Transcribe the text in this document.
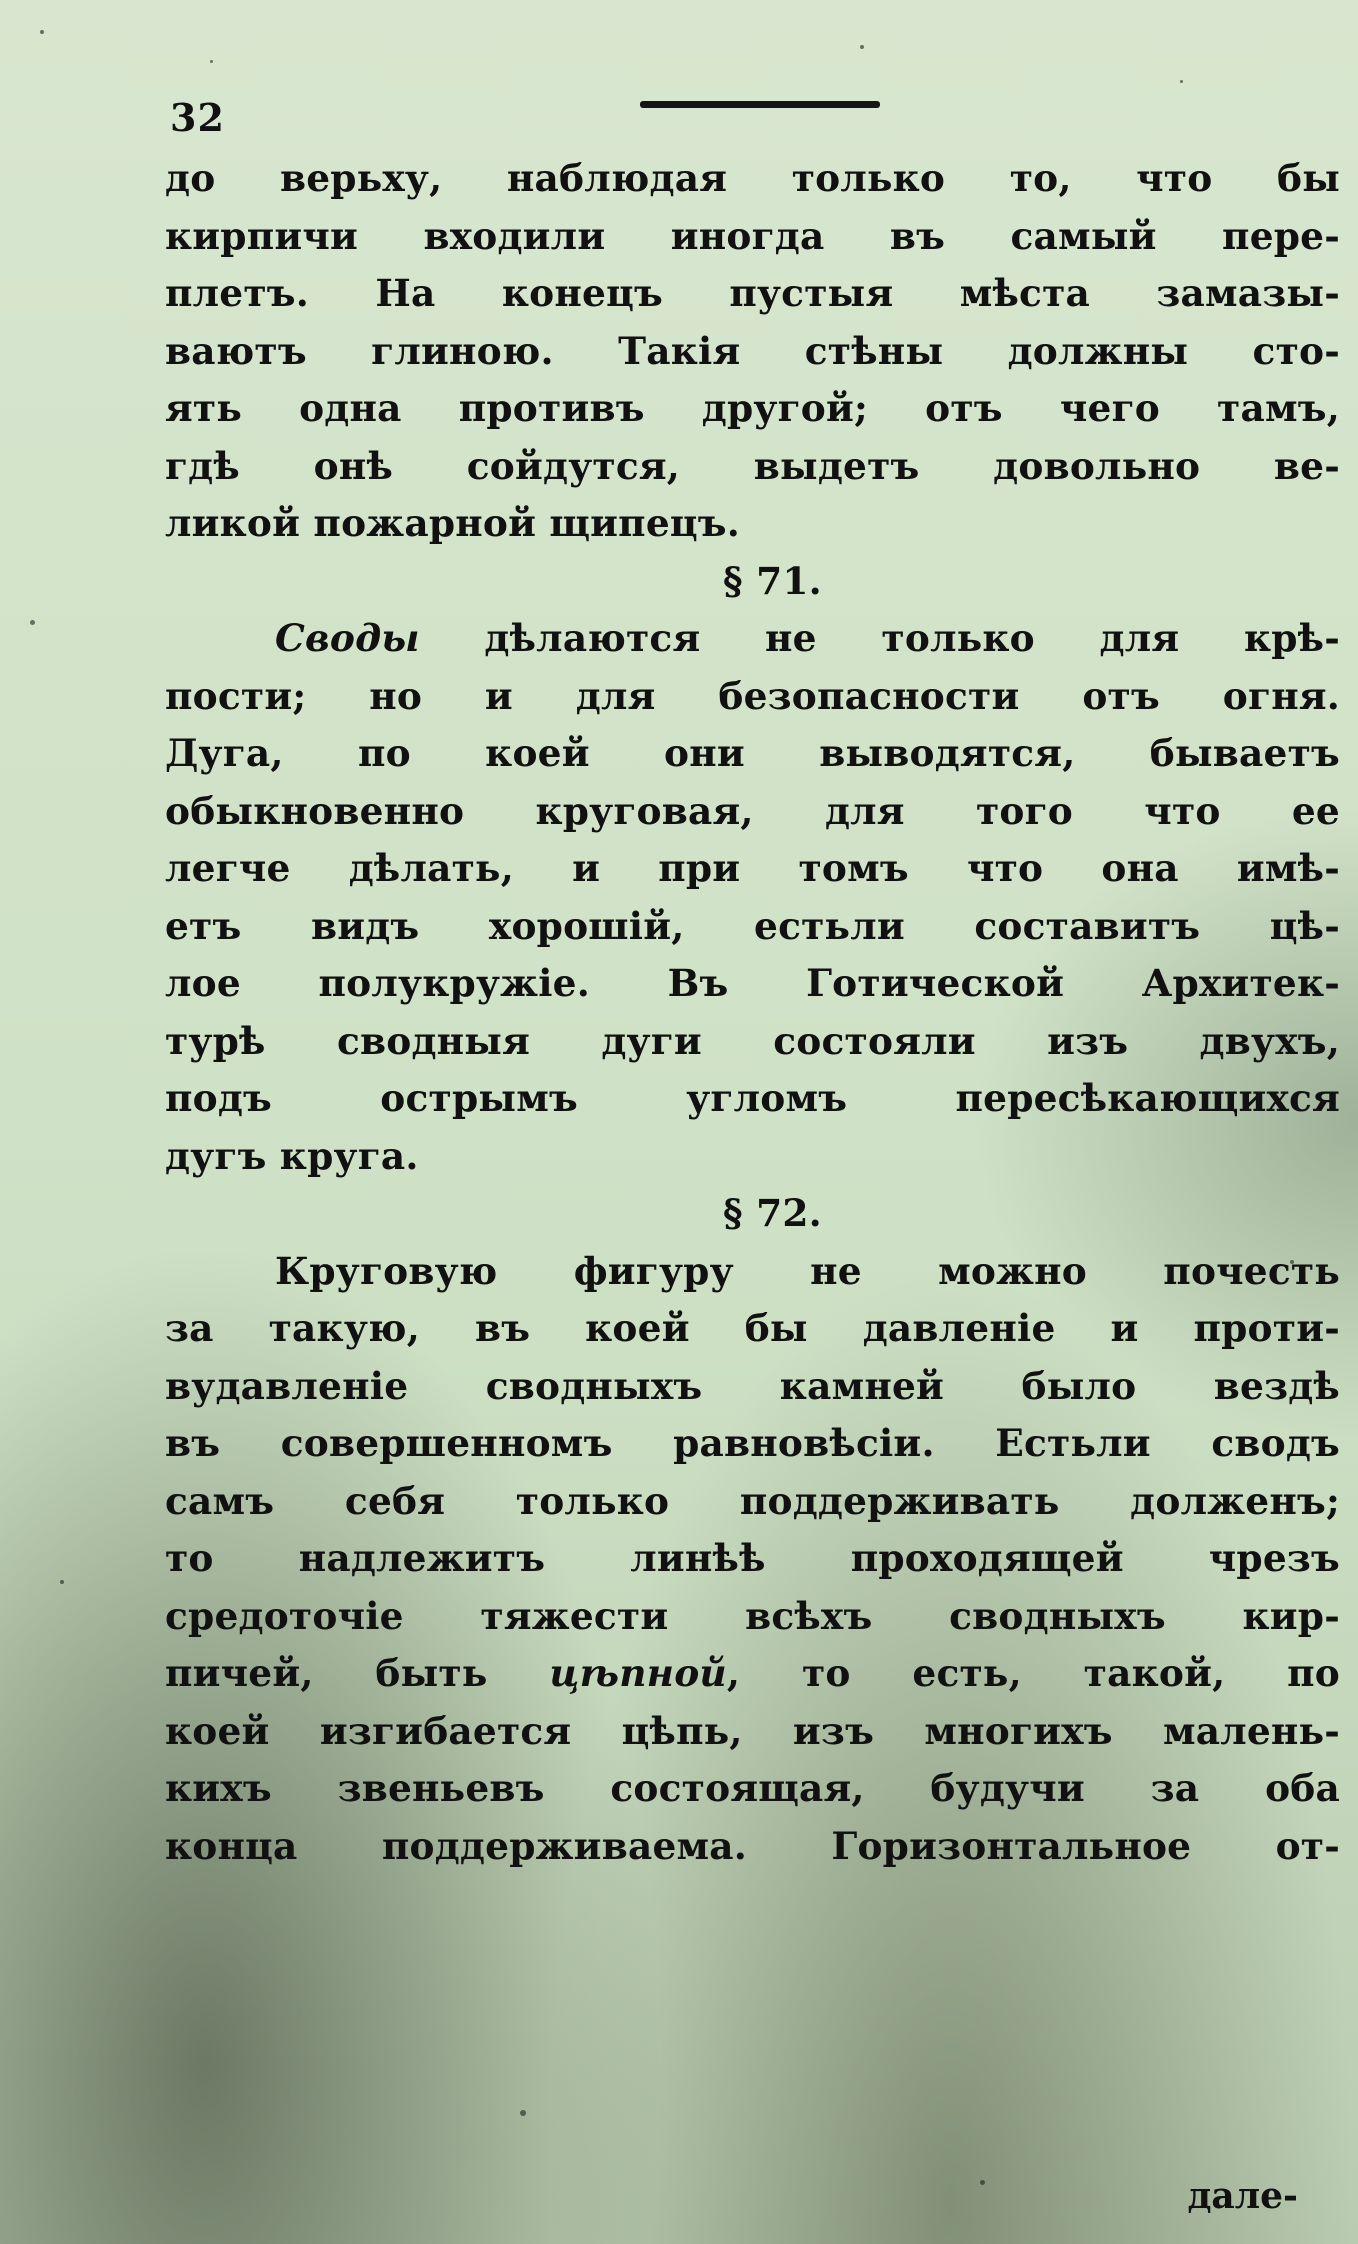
32
до верьху, наблюдая только то, что бы
кирпичи входили иногда въ самый пере-
плетъ. На конецъ пустыя мѣста замазы-
ваютъ глиною. Такія стѣны должны сто-
ять одна противъ другой; отъ чего тамъ,
гдѣ онѣ сойдутся, выдетъ довольно ве-
ликой пожарной щипецъ.
§ 71.
Своды дѣлаются не только для крѣ-
пости; но и для безопасности отъ огня.
Дуга, по коей они выводятся, бываетъ
обыкновенно круговая, для того что ее
легче дѣлать, и при томъ что она имѣ-
етъ видъ хорошій, естьли составитъ цѣ-
лое полукружіе. Въ Готической Архитек-
турѣ сводныя дуги состояли изъ двухъ,
подъ острымъ угломъ пересѣкающихся
дугъ круга.
§ 72.
Круговую фигуру не можно почесть
за такую, въ коей бы давленіе и проти-
вудавленіе сводныхъ камней было вездѣ
въ совершенномъ равновѣсіи. Естьли сводъ
самъ себя только поддерживать долженъ;
то надлежитъ линѣѣ проходящей чрезъ
средоточіе тяжести всѣхъ сводныхъ кир-
пичей, быть цѣпной, то есть, такой, по
коей изгибается цѣпь, изъ многихъ малень-
кихъ звеньевъ состоящая, будучи за оба
конца поддерживаема. Горизонтальное от-
дале-
